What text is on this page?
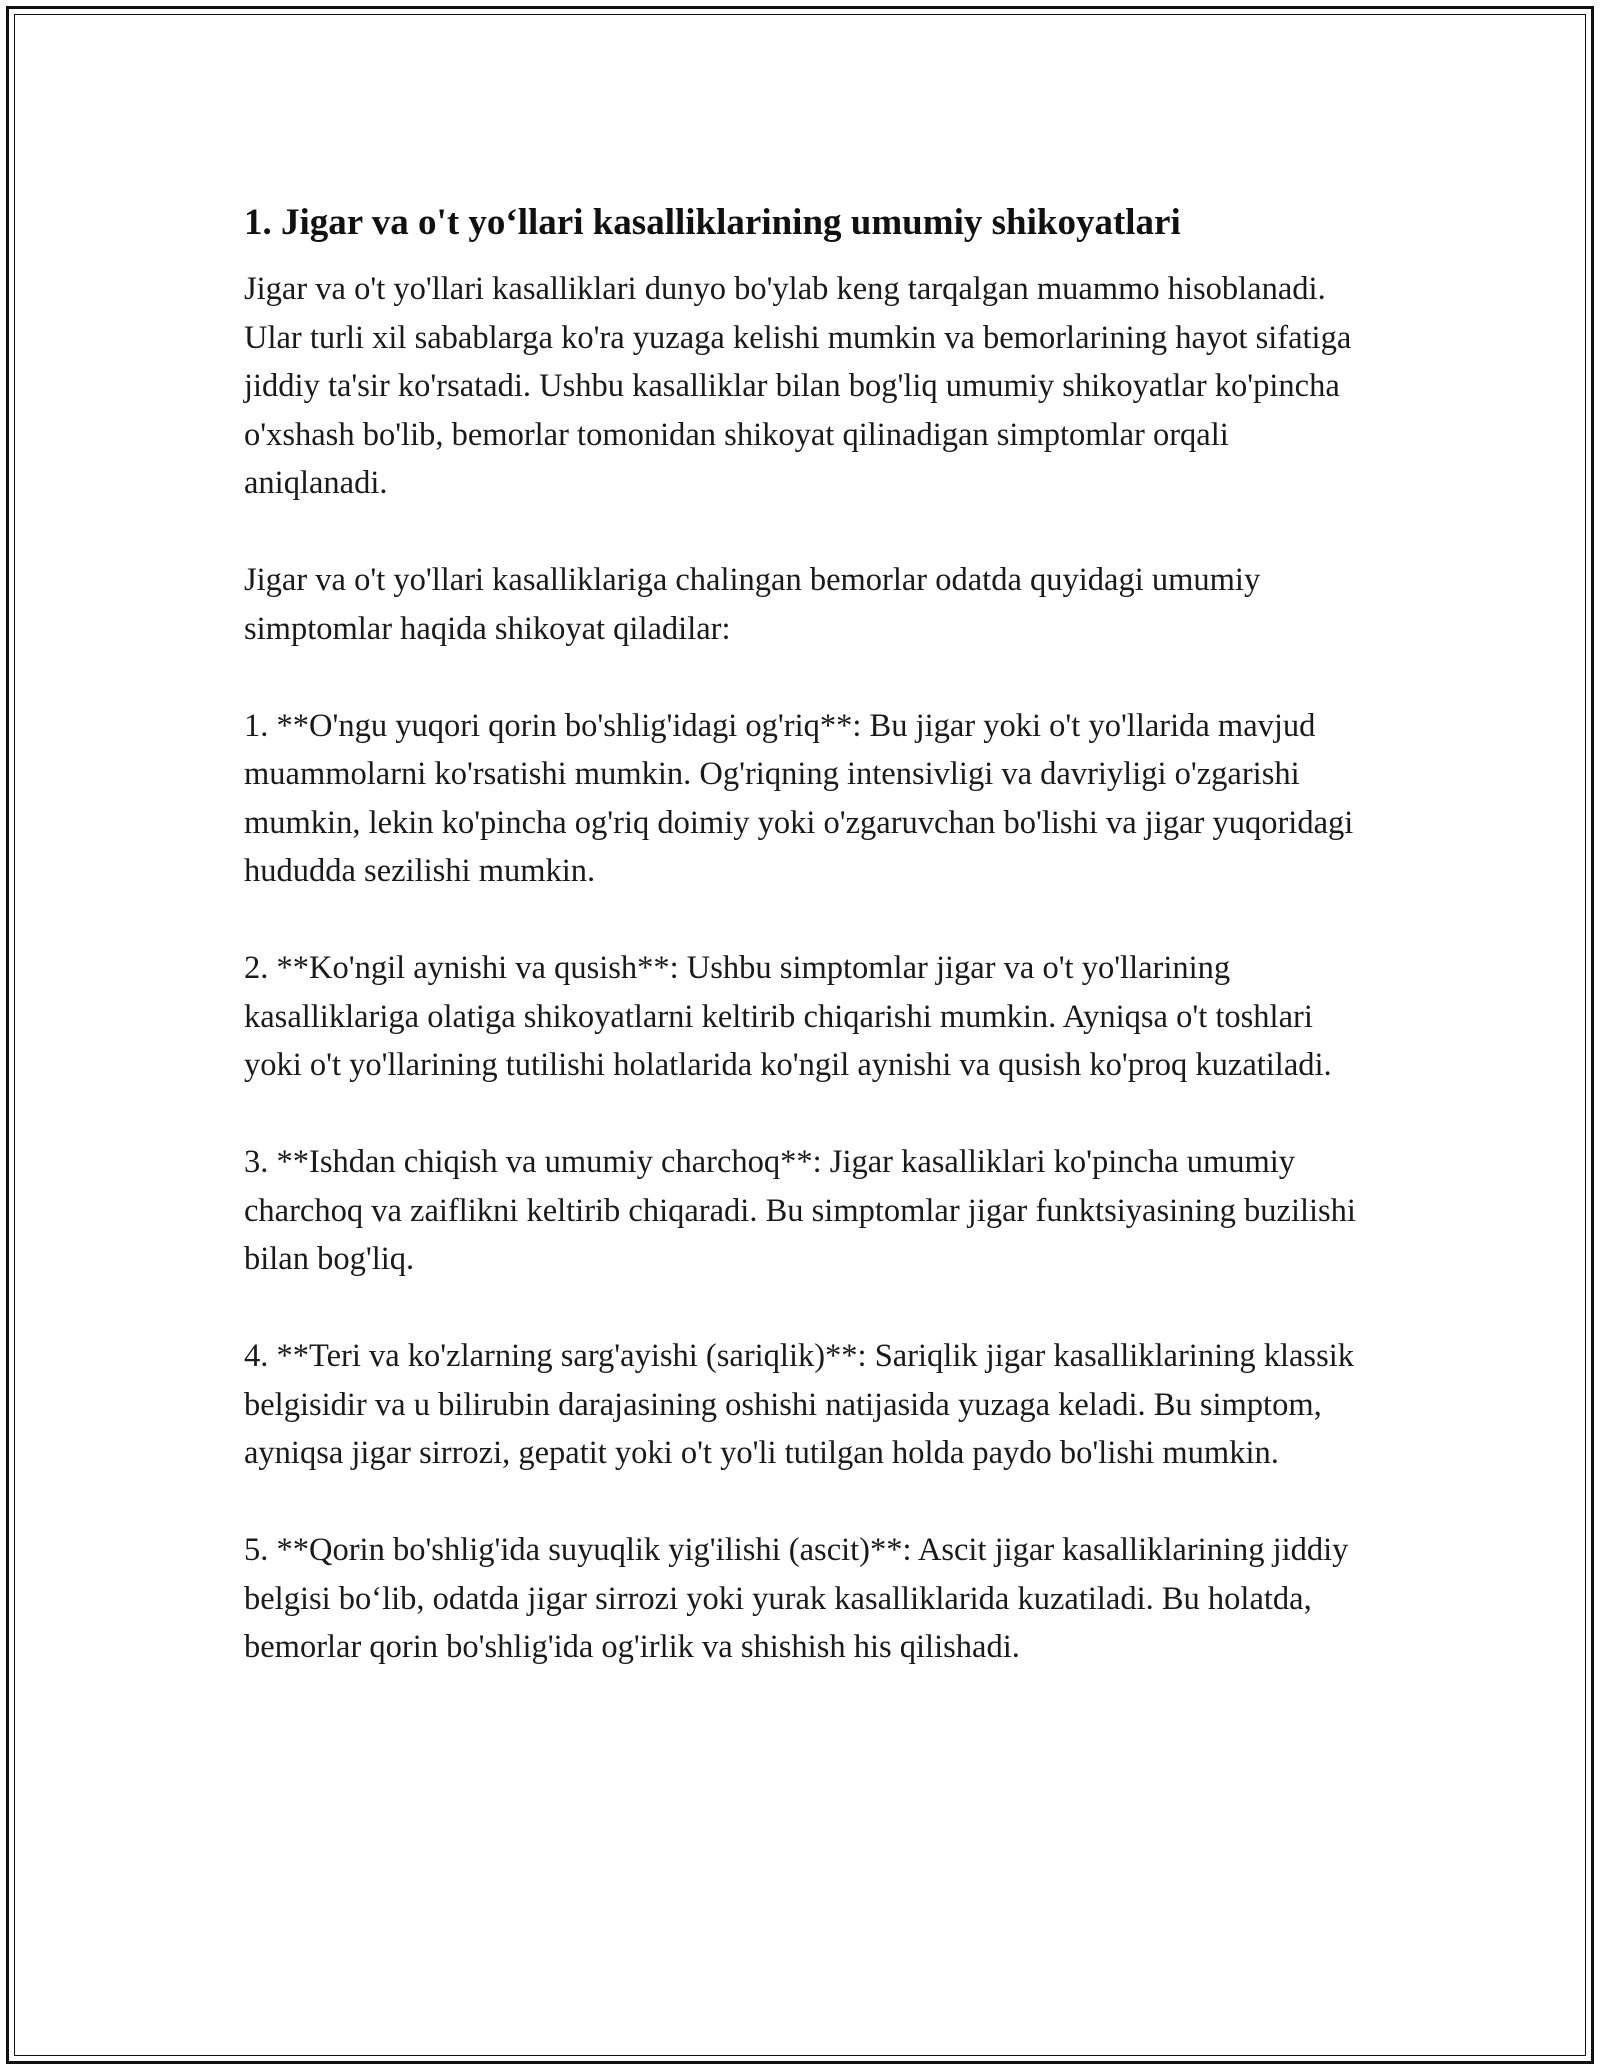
1. Jigar va o't yo‘llari kasalliklarining umumiy shikoyatlari

Jigar va o't yo'llari kasalliklari dunyo bo'ylab keng tarqalgan muammo hisoblanadi. Ular turli xil sabablarga ko'ra yuzaga kelishi mumkin va bemorlarining hayot sifatiga jiddiy ta'sir ko'rsatadi. Ushbu kasalliklar bilan bog'liq umumiy shikoyatlar ko'pincha o'xshash bo'lib, bemorlar tomonidan shikoyat qilinadigan simptomlar orqali aniqlanadi.

Jigar va o't yo'llari kasalliklariga chalingan bemorlar odatda quyidagi umumiy simptomlar haqida shikoyat qiladilar:

1. **O'ngu yuqori qorin bo'shlig'idagi og'riq**: Bu jigar yoki o't yo'llarida mavjud muammolarni ko'rsatishi mumkin. Og'riqning intensivligi va davriyligi o'zgarishi mumkin, lekin ko'pincha og'riq doimiy yoki o'zgaruvchan bo'lishi va jigar yuqoridagi hududda sezilishi mumkin.

2. **Ko'ngil aynishi va qusish**: Ushbu simptomlar jigar va o't yo'llarining kasalliklariga olatiga shikoyatlarni keltirib chiqarishi mumkin. Ayniqsa o't toshlari yoki o't yo'llarining tutilishi holatlarida ko'ngil aynishi va qusish ko'proq kuzatiladi.

3. **Ishdan chiqish va umumiy charchoq**: Jigar kasalliklari ko'pincha umumiy charchoq va zaiflikni keltirib chiqaradi. Bu simptomlar jigar funktsiyasining buzilishi bilan bog'liq.

4. **Teri va ko'zlarning sarg'ayishi (sariqlik)**: Sariqlik jigar kasalliklarining klassik belgisidir va u bilirubin darajasining oshishi natijasida yuzaga keladi. Bu simptom, ayniqsa jigar sirrozi, gepatit yoki o't yo'li tutilgan holda paydo bo'lishi mumkin.

5. **Qorin bo'shlig'ida suyuqlik yig'ilishi (ascit)**: Ascit jigar kasalliklarining jiddiy belgisi bo‘lib, odatda jigar sirrozi yoki yurak kasalliklarida kuzatiladi. Bu holatda, bemorlar qorin bo'shlig'ida og'irlik va shishish his qilishadi.
